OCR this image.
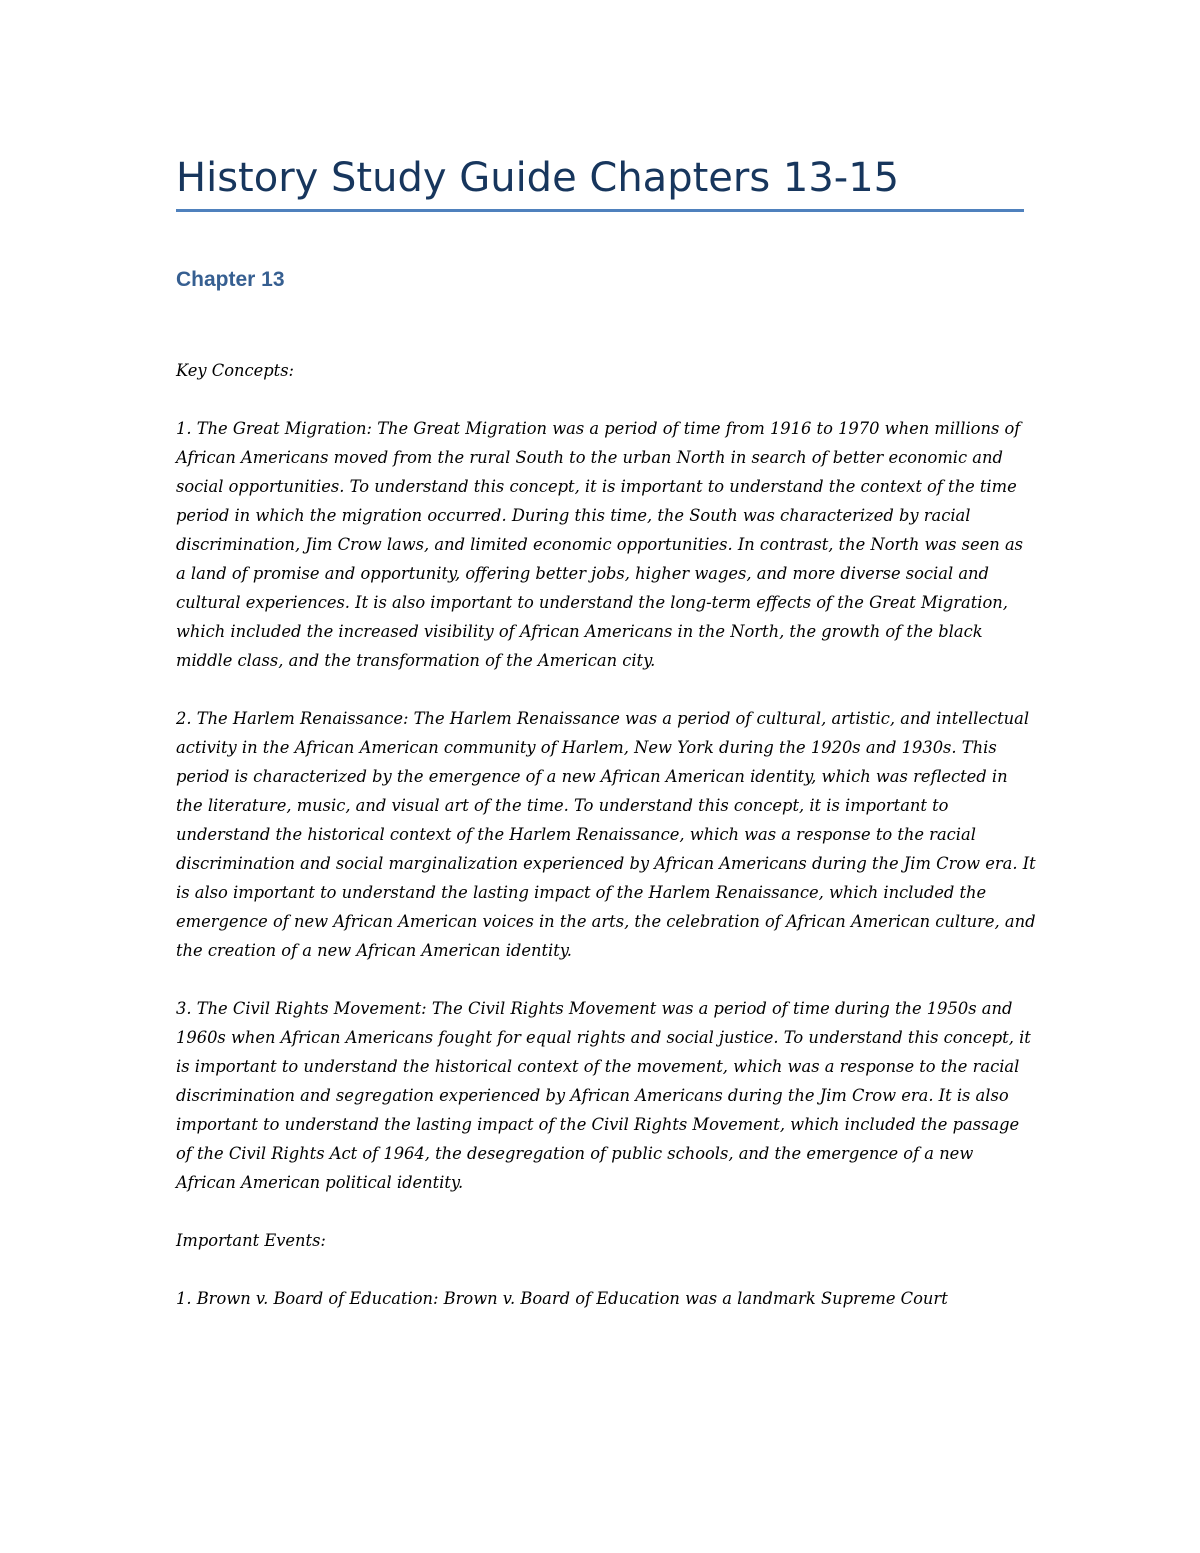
History Study Guide Chapters 13-15
Chapter 13

Key Concepts:

1. The Great Migration: The Great Migration was a period of time from 1916 to 1970 when millions of African Americans moved from the rural South to the urban North in search of better economic and social opportunities. To understand this concept, it is important to understand the context of the time period in which the migration occurred. During this time, the South was characterized by racial discrimination, Jim Crow laws, and limited economic opportunities. In contrast, the North was seen as a land of promise and opportunity, offering better jobs, higher wages, and more diverse social and cultural experiences. It is also important to understand the long-term effects of the Great Migration, which included the increased visibility of African Americans in the North, the growth of the black middle class, and the transformation of the American city.

2. The Harlem Renaissance: The Harlem Renaissance was a period of cultural, artistic, and intellectual activity in the African American community of Harlem, New York during the 1920s and 1930s. This period is characterized by the emergence of a new African American identity, which was reflected in the literature, music, and visual art of the time. To understand this concept, it is important to understand the historical context of the Harlem Renaissance, which was a response to the racial discrimination and social marginalization experienced by African Americans during the Jim Crow era. It is also important to understand the lasting impact of the Harlem Renaissance, which included the emergence of new African American voices in the arts, the celebration of African American culture, and the creation of a new African American identity.

3. The Civil Rights Movement: The Civil Rights Movement was a period of time during the 1950s and 1960s when African Americans fought for equal rights and social justice. To understand this concept, it is important to understand the historical context of the movement, which was a response to the racial discrimination and segregation experienced by African Americans during the Jim Crow era. It is also important to understand the lasting impact of the Civil Rights Movement, which included the passage of the Civil Rights Act of 1964, the desegregation of public schools, and the emergence of a new African American political identity.

Important Events:

1. Brown v. Board of Education: Brown v. Board of Education was a landmark Supreme Court
